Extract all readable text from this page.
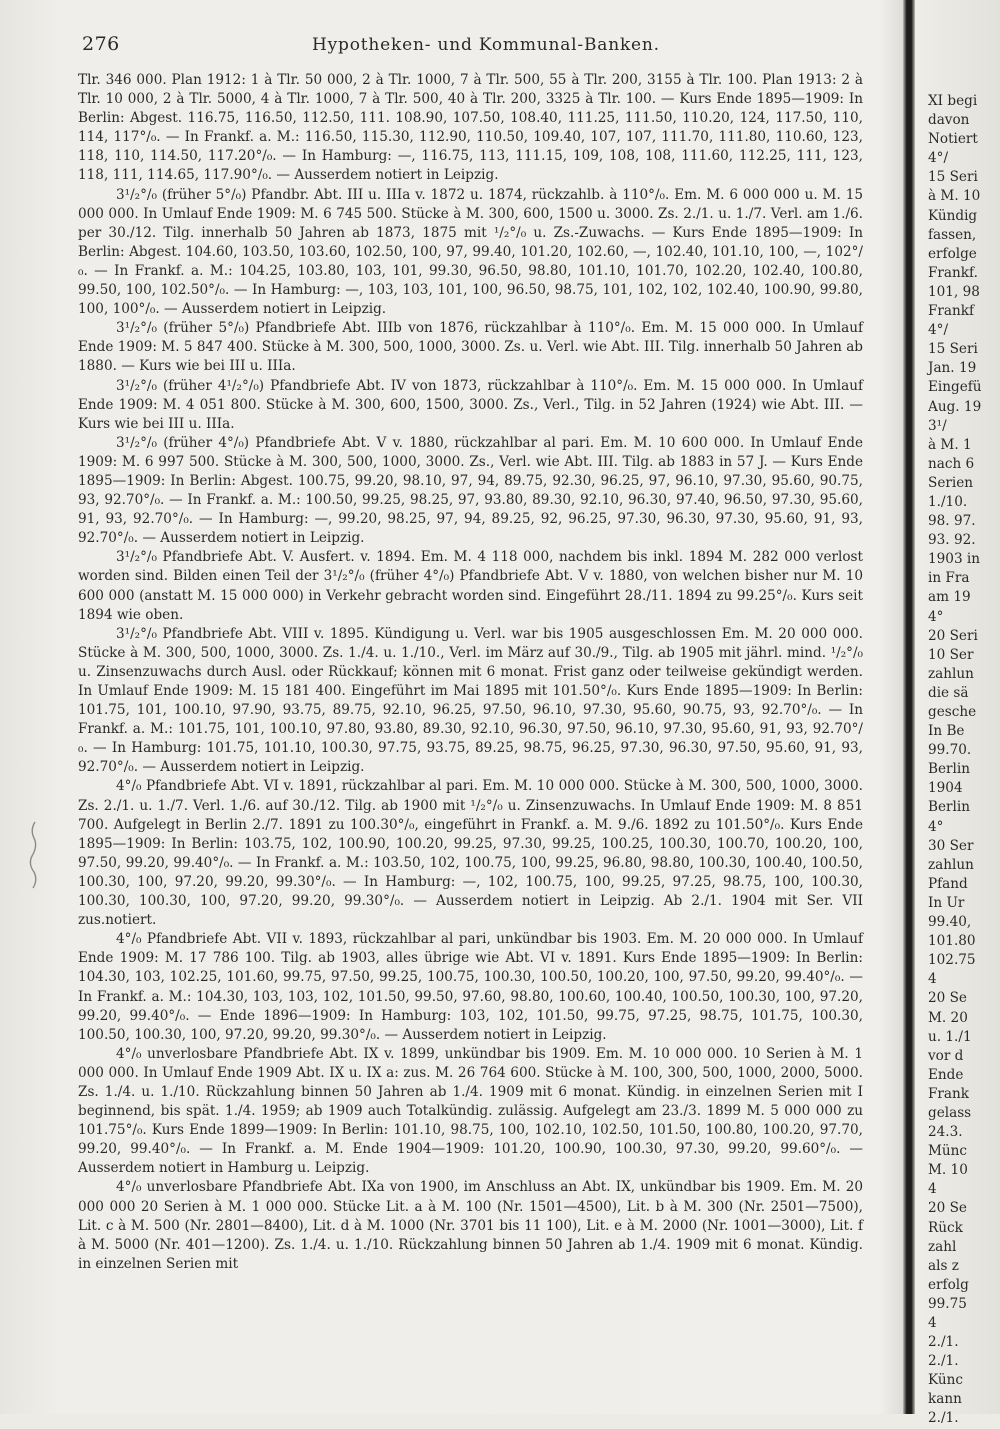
276	Hypotheken- und Kommunal-Banken.

Tlr. 346 000. Plan 1912: 1 à Tlr. 50 000, 2 à Tlr. 1000, 7 à Tlr. 500, 55 à Tlr. 200, 3155 à Tlr. 100. Plan 1913: 2 à Tlr. 10 000, 2 à Tlr. 5000, 4 à Tlr. 1000, 7 à Tlr. 500, 40 à Tlr. 200, 3325 à Tlr. 100. — Kurs Ende 1895—1909: In Berlin: Abgest. 116.75, 116.50, 112.50, 111. 108.90, 107.50, 108.40, 111.25, 111.50, 110.20, 124, 117.50, 110, 114, 117°/₀. — In Frankf. a. M.: 116.50, 115.30, 112.90, 110.50, 109.40, 107, 107, 111.70, 111.80, 110.60, 123, 118, 110, 114.50, 117.20°/₀. — In Hamburg: —, 116.75, 113, 111.15, 109, 108, 108, 111.60, 112.25, 111, 123, 118, 111, 114.65, 117.90°/₀. — Ausserdem notiert in Leipzig.

3¹/₂°/₀ (früher 5°/₀) Pfandbr. Abt. III u. IIIa v. 1872 u. 1874, rückzahlb. à 110°/₀. Em. M. 6 000 000 u. M. 15 000 000. In Umlauf Ende 1909: M. 6 745 500. Stücke à M. 300, 600, 1500 u. 3000. Zs. 2./1. u. 1./7. Verl. am 1./6. per 30./12. Tilg. innerhalb 50 Jahren ab 1873, 1875 mit ¹/₂°/₀ u. Zs.-Zuwachs. — Kurs Ende 1895—1909: In Berlin: Abgest. 104.60, 103.50, 103.60, 102.50, 100, 97, 99.40, 101.20, 102.60, —, 102.40, 101.10, 100, —, 102°/₀. — In Frankf. a. M.: 104.25, 103.80, 103, 101, 99.30, 96.50, 98.80, 101.10, 101.70, 102.20, 102.40, 100.80, 99.50, 100, 102.50°/₀. — In Hamburg: —, 103, 103, 101, 100, 96.50, 98.75, 101, 102, 102, 102.40, 100.90, 99.80, 100, 100°/₀. — Ausserdem notiert in Leipzig.

3¹/₂°/₀ (früher 5°/₀) Pfandbriefe Abt. IIIb von 1876, rückzahlbar à 110°/₀. Em. M. 15 000 000. In Umlauf Ende 1909: M. 5 847 400. Stücke à M. 300, 500, 1000, 3000. Zs. u. Verl. wie Abt. III. Tilg. innerhalb 50 Jahren ab 1880. — Kurs wie bei III u. IIIa.

3¹/₂°/₀ (früher 4¹/₂°/₀) Pfandbriefe Abt. IV von 1873, rückzahlbar à 110°/₀. Em. M. 15 000 000. In Umlauf Ende 1909: M. 4 051 800. Stücke à M. 300, 600, 1500, 3000. Zs., Verl., Tilg. in 52 Jahren (1924) wie Abt. III. — Kurs wie bei III u. IIIa.

3¹/₂°/₀ (früher 4°/₀) Pfandbriefe Abt. V v. 1880, rückzahlbar al pari. Em. M. 10 600 000. In Umlauf Ende 1909: M. 6 997 500. Stücke à M. 300, 500, 1000, 3000. Zs., Verl. wie Abt. III. Tilg. ab 1883 in 57 J. — Kurs Ende 1895—1909: In Berlin: Abgest. 100.75, 99.20, 98.10, 97, 94, 89.75, 92.30, 96.25, 97, 96.10, 97.30, 95.60, 90.75, 93, 92.70°/₀. — In Frankf. a. M.: 100.50, 99.25, 98.25, 97, 93.80, 89.30, 92.10, 96.30, 97.40, 96.50, 97.30, 95.60, 91, 93, 92.70°/₀. — In Hamburg: —, 99.20, 98.25, 97, 94, 89.25, 92, 96.25, 97.30, 96.30, 97.30, 95.60, 91, 93, 92.70°/₀. — Ausserdem notiert in Leipzig.

3¹/₂°/₀ Pfandbriefe Abt. V. Ausfert. v. 1894. Em. M. 4 118 000, nachdem bis inkl. 1894 M. 282 000 verlost worden sind. Bilden einen Teil der 3¹/₂°/₀ (früher 4°/₀) Pfandbriefe Abt. V v. 1880, von welchen bisher nur M. 10 600 000 (anstatt M. 15 000 000) in Verkehr gebracht worden sind. Eingeführt 28./11. 1894 zu 99.25°/₀. Kurs seit 1894 wie oben.

3¹/₂°/₀ Pfandbriefe Abt. VIII v. 1895. Kündigung u. Verl. war bis 1905 ausgeschlossen Em. M. 20 000 000. Stücke à M. 300, 500, 1000, 3000. Zs. 1./4. u. 1./10., Verl. im März auf 30./9., Tilg. ab 1905 mit jährl. mind. ¹/₂°/₀ u. Zinsenzuwachs durch Ausl. oder Rückkauf; können mit 6 monat. Frist ganz oder teilweise gekündigt werden. In Umlauf Ende 1909: M. 15 181 400. Eingeführt im Mai 1895 mit 101.50°/₀. Kurs Ende 1895—1909: In Berlin: 101.75, 101, 100.10, 97.90, 93.75, 89.75, 92.10, 96.25, 97.50, 96.10, 97.30, 95.60, 90.75, 93, 92.70°/₀. — In Frankf. a. M.: 101.75, 101, 100.10, 97.80, 93.80, 89.30, 92.10, 96.30, 97.50, 96.10, 97.30, 95.60, 91, 93, 92.70°/₀. — In Hamburg: 101.75, 101.10, 100.30, 97.75, 93.75, 89.25, 98.75, 96.25, 97.30, 96.30, 97.50, 95.60, 91, 93, 92.70°/₀. — Ausserdem notiert in Leipzig.

4°/₀ Pfandbriefe Abt. VI v. 1891, rückzahlbar al pari. Em. M. 10 000 000. Stücke à M. 300, 500, 1000, 3000. Zs. 2./1. u. 1./7. Verl. 1./6. auf 30./12. Tilg. ab 1900 mit ¹/₂°/₀ u. Zinsenzuwachs. In Umlauf Ende 1909: M. 8 851 700. Aufgelegt in Berlin 2./7. 1891 zu 100.30°/₀, eingeführt in Frankf. a. M. 9./6. 1892 zu 101.50°/₀. Kurs Ende 1895—1909: In Berlin: 103.75, 102, 100.90, 100.20, 99.25, 97.30, 99.25, 100.25, 100.30, 100.70, 100.20, 100, 97.50, 99.20, 99.40°/₀. — In Frankf. a. M.: 103.50, 102, 100.75, 100, 99.25, 96.80, 98.80, 100.30, 100.40, 100.50, 100.30, 100, 97.20, 99.20, 99.30°/₀. — In Hamburg: —, 102, 100.75, 100, 99.25, 97.25, 98.75, 100, 100.30, 100.30, 100.30, 100, 97.20, 99.20, 99.30°/₀. — Ausserdem notiert in Leipzig. Ab 2./1. 1904 mit Ser. VII zus.notiert.

4°/₀ Pfandbriefe Abt. VII v. 1893, rückzahlbar al pari, unkündbar bis 1903. Em. M. 20 000 000. In Umlauf Ende 1909: M. 17 786 100. Tilg. ab 1903, alles übrige wie Abt. VI v. 1891. Kurs Ende 1895—1909: In Berlin: 104.30, 103, 102.25, 101.60, 99.75, 97.50, 99.25, 100.75, 100.30, 100.50, 100.20, 100, 97.50, 99.20, 99.40°/₀. — In Frankf. a. M.: 104.30, 103, 103, 102, 101.50, 99.50, 97.60, 98.80, 100.60, 100.40, 100.50, 100.30, 100, 97.20, 99.20, 99.40°/₀. — Ende 1896—1909: In Hamburg: 103, 102, 101.50, 99.75, 97.25, 98.75, 101.75, 100.30, 100.50, 100.30, 100, 97.20, 99.20, 99.30°/₀. — Ausserdem notiert in Leipzig.

4°/₀ unverlosbare Pfandbriefe Abt. IX v. 1899, unkündbar bis 1909. Em. M. 10 000 000. 10 Serien à M. 1 000 000. In Umlauf Ende 1909 Abt. IX u. IX a: zus. M. 26 764 600. Stücke à M. 100, 300, 500, 1000, 2000, 5000. Zs. 1./4. u. 1./10. Rückzahlung binnen 50 Jahren ab 1./4. 1909 mit 6 monat. Kündig. in einzelnen Serien mit I beginnend, bis spät. 1./4. 1959; ab 1909 auch Totalkündig. zulässig. Aufgelegt am 23./3. 1899 M. 5 000 000 zu 101.75°/₀. Kurs Ende 1899—1909: In Berlin: 101.10, 98.75, 100, 102.10, 102.50, 101.50, 100.80, 100.20, 97.70, 99.20, 99.40°/₀. — In Frankf. a. M. Ende 1904—1909: 101.20, 100.90, 100.30, 97.30, 99.20, 99.60°/₀. — Ausserdem notiert in Hamburg u. Leipzig.

4°/₀ unverlosbare Pfandbriefe Abt. IXa von 1900, im Anschluss an Abt. IX, unkündbar bis 1909. Em. M. 20 000 000 20 Serien à M. 1 000 000. Stücke Lit. a à M. 100 (Nr. 1501—4500), Lit. b à M. 300 (Nr. 2501—7500), Lit. c à M. 500 (Nr. 2801—8400), Lit. d à M. 1000 (Nr. 3701 bis 11 100), Lit. e à M. 2000 (Nr. 1001—3000), Lit. f à M. 5000 (Nr. 401—1200). Zs. 1./4. u. 1./10. Rückzahlung binnen 50 Jahren ab 1./4. 1909 mit 6 monat. Kündig. in einzelnen Serien mit

XI begi
davon
Notiert
4°/
15 Seri
à M. 10
Kündig
fassen,
erfolge
Frankf.
101, 98
Frankf
4°/
15 Seri
Jan. 19
Eingefü
Aug. 19
3¹/
à M. 1
nach 6
Serien
1./10.
98. 97.
93. 92.
1903 in
in Fra
am 19
4°
20 Seri
10 Ser
zahlun
die sä
gesche
In Be
99.70.
Berlin
1904
Berlin
4°
30 Ser
zahlun
Pfand
In Ur
99.40,
101.80
102.75
4
20 Se
M. 20
u. 1./1
vor d
Ende
Frank
gelass
24.3.
Münc
M. 10
4
20 Se
Rück
zahl
als z
erfolg
99.75
4
2./1.
2./1.
Künc
kann
2./1.
